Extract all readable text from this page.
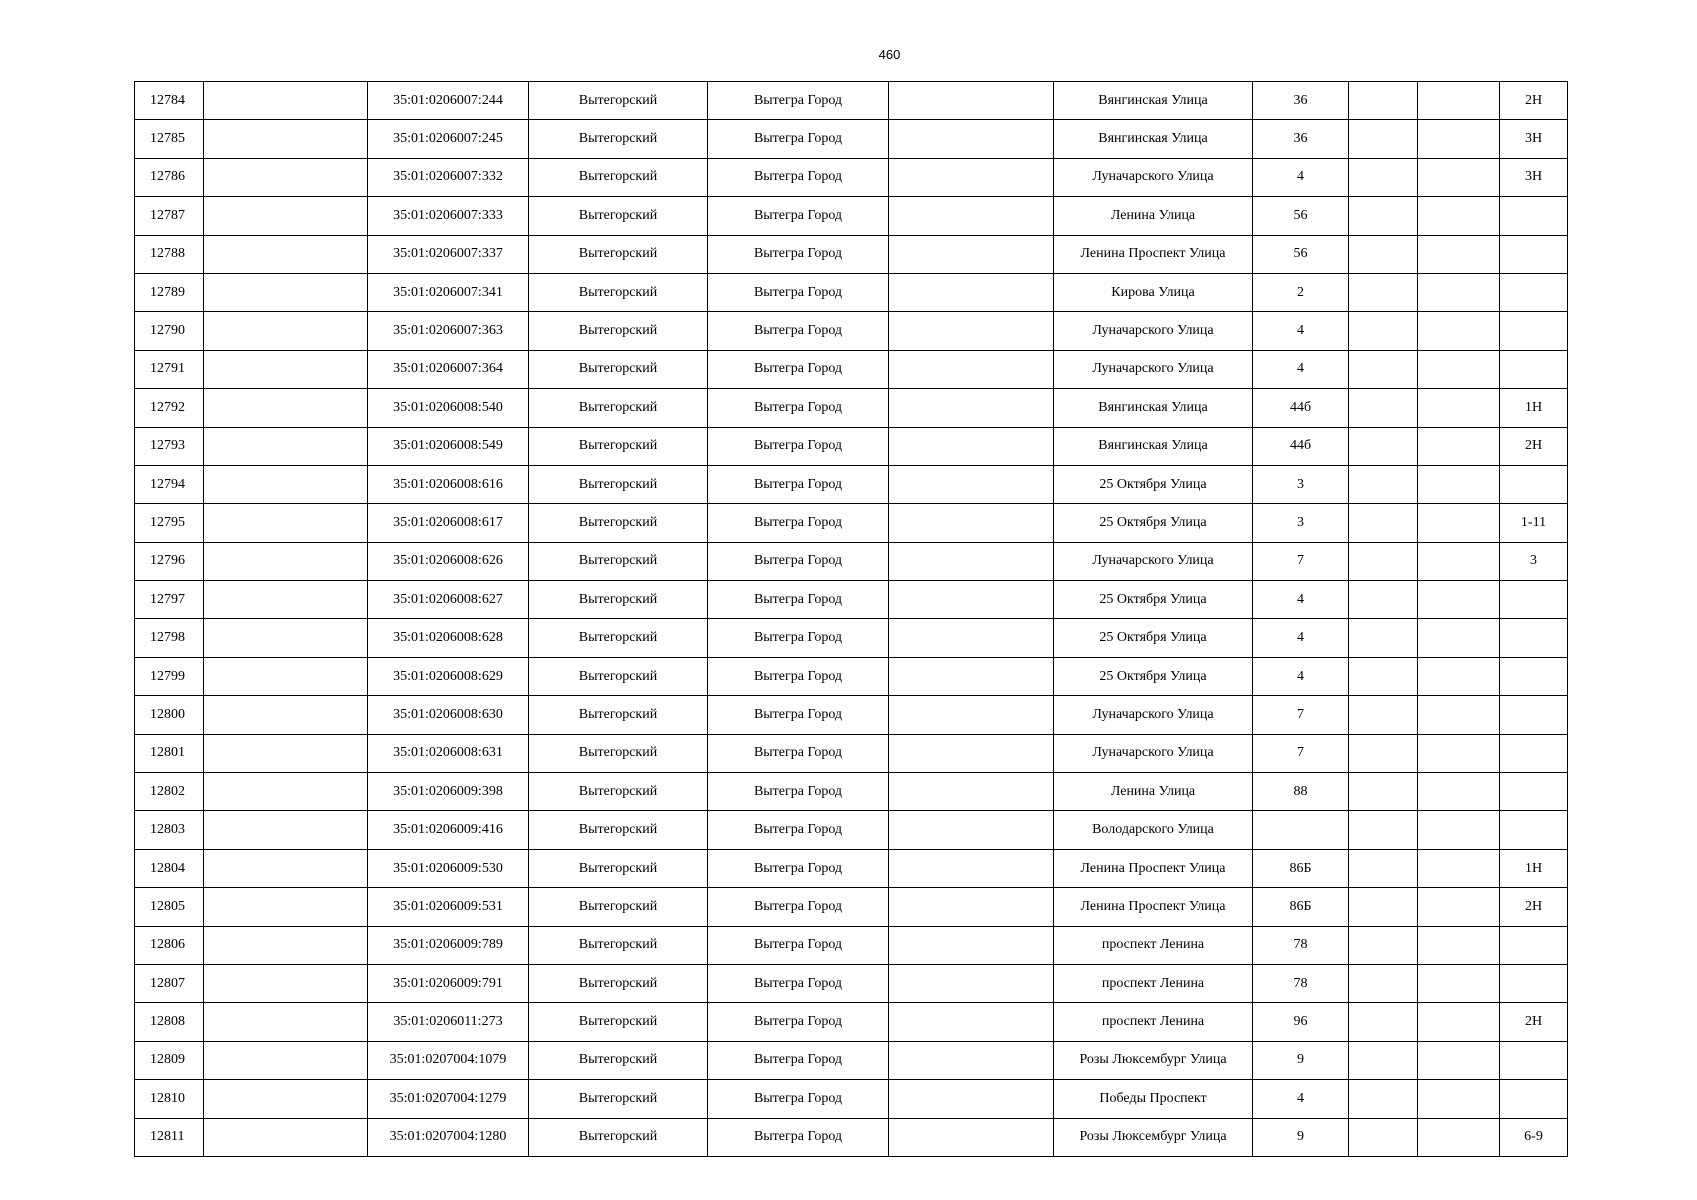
460
12784		35:01:0206007:244	Вытегорский	Вытегра Город		Вянгинская Улица	36			2Н
12785		35:01:0206007:245	Вытегорский	Вытегра Город		Вянгинская Улица	36			3Н
12786		35:01:0206007:332	Вытегорский	Вытегра Город		Луначарского Улица	4			3Н
12787		35:01:0206007:333	Вытегорский	Вытегра Город		Ленина Улица	56			
12788		35:01:0206007:337	Вытегорский	Вытегра Город		Ленина Проспект Улица	56			
12789		35:01:0206007:341	Вытегорский	Вытегра Город		Кирова Улица	2			
12790		35:01:0206007:363	Вытегорский	Вытегра Город		Луначарского Улица	4			
12791		35:01:0206007:364	Вытегорский	Вытегра Город		Луначарского Улица	4			
12792		35:01:0206008:540	Вытегорский	Вытегра Город		Вянгинская Улица	44б			1Н
12793		35:01:0206008:549	Вытегорский	Вытегра Город		Вянгинская Улица	44б			2Н
12794		35:01:0206008:616	Вытегорский	Вытегра Город		25 Октября Улица	3			
12795		35:01:0206008:617	Вытегорский	Вытегра Город		25 Октября Улица	3			1-11
12796		35:01:0206008:626	Вытегорский	Вытегра Город		Луначарского Улица	7			3
12797		35:01:0206008:627	Вытегорский	Вытегра Город		25 Октября Улица	4			
12798		35:01:0206008:628	Вытегорский	Вытегра Город		25 Октября Улица	4			
12799		35:01:0206008:629	Вытегорский	Вытегра Город		25 Октября Улица	4			
12800		35:01:0206008:630	Вытегорский	Вытегра Город		Луначарского Улица	7			
12801		35:01:0206008:631	Вытегорский	Вытегра Город		Луначарского Улица	7			
12802		35:01:0206009:398	Вытегорский	Вытегра Город		Ленина Улица	88			
12803		35:01:0206009:416	Вытегорский	Вытегра Город		Володарского Улица				
12804		35:01:0206009:530	Вытегорский	Вытегра Город		Ленина Проспект Улица	86Б			1Н
12805		35:01:0206009:531	Вытегорский	Вытегра Город		Ленина Проспект Улица	86Б			2Н
12806		35:01:0206009:789	Вытегорский	Вытегра Город		проспект Ленина	78			
12807		35:01:0206009:791	Вытегорский	Вытегра Город		проспект Ленина	78			
12808		35:01:0206011:273	Вытегорский	Вытегра Город		проспект Ленина	96			2Н
12809		35:01:0207004:1079	Вытегорский	Вытегра Город		Розы Люксембург Улица	9			
12810		35:01:0207004:1279	Вытегорский	Вытегра Город		Победы Проспект	4			
12811		35:01:0207004:1280	Вытегорский	Вытегра Город		Розы Люксембург Улица	9			6-9
